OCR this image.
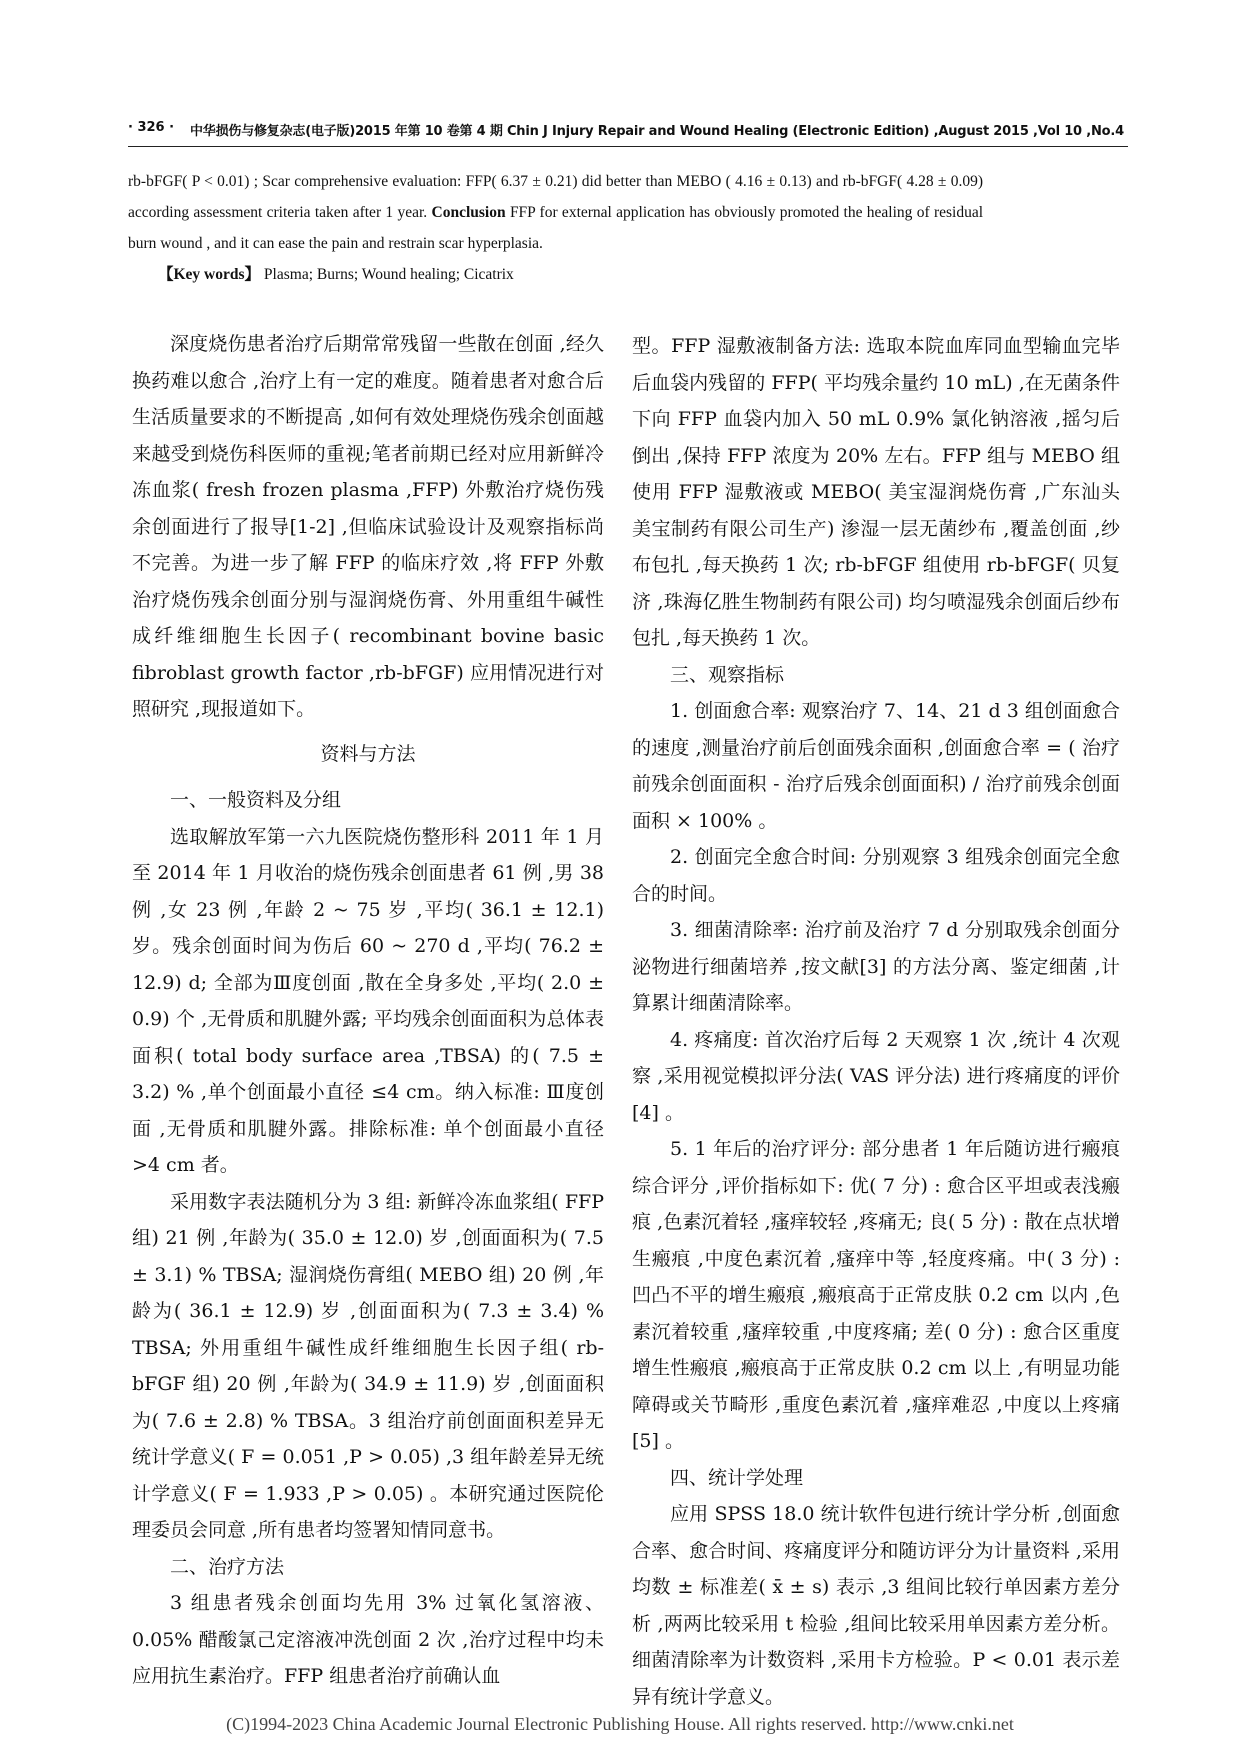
· 326 · 中华损伤与修复杂志(电子版)2015 年第 10 卷第 4 期 Chin J Injury Repair and Wound Healing (Electronic Edition) ,August 2015 ,Vol 10 ,No.4

rb-bFGF( P < 0.01) ; Scar comprehensive evaluation: FFP( 6.37 ± 0.21) did better than MEBO ( 4.16 ± 0.13) and rb-bFGF( 4.28 ± 0.09) according assessment criteria taken after 1 year. Conclusion FFP for external application has obviously promoted the healing of residual burn wound , and it can ease the pain and restrain scar hyperplasia.

【Key words】 Plasma; Burns; Wound healing; Cicatrix

深度烧伤患者治疗后期常常残留一些散在创面 ,经久换药难以愈合 ,治疗上有一定的难度。随着患者对愈合后生活质量要求的不断提高 ,如何有效处理烧伤残余创面越来越受到烧伤科医师的重视;笔者前期已经对应用新鲜冷冻血浆( fresh frozen plasma ,FFP) 外敷治疗烧伤残余创面进行了报导[1-2] ,但临床试验设计及观察指标尚不完善。为进一步了解 FFP 的临床疗效 ,将 FFP 外敷治疗烧伤残余创面分别与湿润烧伤膏、外用重组牛碱性成纤维细胞生长因子( recombinant bovine basic fibroblast growth factor ,rb-bFGF) 应用情况进行对照研究 ,现报道如下。

资料与方法
一、一般资料及分组

选取解放军第一六九医院烧伤整形科 2011 年 1 月至 2014 年 1 月收治的烧伤残余创面患者 61 例 ,男 38 例 ,女 23 例 ,年龄 2 ~ 75 岁 ,平均( 36.1 ± 12.1) 岁。残余创面时间为伤后 60 ~ 270 d ,平均( 76.2 ± 12.9) d; 全部为Ⅲ度创面 ,散在全身多处 ,平均( 2.0 ± 0.9) 个 ,无骨质和肌腱外露; 平均残余创面面积为总体表面积( total body surface area ,TBSA) 的( 7.5 ± 3.2) % ,单个创面最小直径 ≤4 cm。纳入标准: Ⅲ度创面 ,无骨质和肌腱外露。排除标准: 单个创面最小直径 >4 cm 者。

采用数字表法随机分为 3 组: 新鲜冷冻血浆组( FFP 组) 21 例 ,年龄为( 35.0 ± 12.0) 岁 ,创面面积为( 7.5 ± 3.1) % TBSA; 湿润烧伤膏组( MEBO 组) 20 例 ,年龄为( 36.1 ± 12.9) 岁 ,创面面积为( 7.3 ± 3.4) % TBSA; 外用重组牛碱性成纤维细胞生长因子组( rb-bFGF 组) 20 例 ,年龄为( 34.9 ± 11.9) 岁 ,创面面积为( 7.6 ± 2.8) % TBSA。3 组治疗前创面面积差异无统计学意义( F = 0.051 ,P > 0.05) ,3 组年龄差异无统计学意义( F = 1.933 ,P > 0.05) 。本研究通过医院伦理委员会同意 ,所有患者均签署知情同意书。

二、治疗方法

3 组患者残余创面均先用 3% 过氧化氢溶液、0.05% 醋酸氯己定溶液冲洗创面 2 次 ,治疗过程中均未应用抗生素治疗。FFP 组患者治疗前确认血

型。FFP 湿敷液制备方法: 选取本院血库同血型输血完毕后血袋内残留的 FFP( 平均残余量约 10 mL) ,在无菌条件下向 FFP 血袋内加入 50 mL 0.9% 氯化钠溶液 ,摇匀后倒出 ,保持 FFP 浓度为 20% 左右。FFP 组与 MEBO 组使用 FFP 湿敷液或 MEBO( 美宝湿润烧伤膏 ,广东汕头美宝制药有限公司生产) 渗湿一层无菌纱布 ,覆盖创面 ,纱布包扎 ,每天换药 1 次; rb-bFGF 组使用 rb-bFGF( 贝复济 ,珠海亿胜生物制药有限公司) 均匀喷湿残余创面后纱布包扎 ,每天换药 1 次。

三、观察指标

1. 创面愈合率: 观察治疗 7、14、21 d 3 组创面愈合的速度 ,测量治疗前后创面残余面积 ,创面愈合率 = ( 治疗前残余创面面积 - 治疗后残余创面面积) / 治疗前残余创面面积 × 100% 。

2. 创面完全愈合时间: 分别观察 3 组残余创面完全愈合的时间。

3. 细菌清除率: 治疗前及治疗 7 d 分别取残余创面分泌物进行细菌培养 ,按文献[3] 的方法分离、鉴定细菌 ,计算累计细菌清除率。

4. 疼痛度: 首次治疗后每 2 天观察 1 次 ,统计 4 次观察 ,采用视觉模拟评分法( VAS 评分法) 进行疼痛度的评价[4] 。

5. 1 年后的治疗评分: 部分患者 1 年后随访进行瘢痕综合评分 ,评价指标如下: 优( 7 分) : 愈合区平坦或表浅瘢痕 ,色素沉着轻 ,瘙痒较轻 ,疼痛无; 良( 5 分) : 散在点状增生瘢痕 ,中度色素沉着 ,瘙痒中等 ,轻度疼痛。中( 3 分) : 凹凸不平的增生瘢痕 ,瘢痕高于正常皮肤 0.2 cm 以内 ,色素沉着较重 ,瘙痒较重 ,中度疼痛; 差( 0 分) : 愈合区重度增生性瘢痕 ,瘢痕高于正常皮肤 0.2 cm 以上 ,有明显功能障碍或关节畸形 ,重度色素沉着 ,瘙痒难忍 ,中度以上疼痛[5] 。

四、统计学处理

应用 SPSS 18.0 统计软件包进行统计学分析 ,创面愈合率、愈合时间、疼痛度评分和随访评分为计量资料 ,采用均数 ± 标准差( x̄ ± s) 表示 ,3 组间比较行单因素方差分析 ,两两比较采用 t 检验 ,组间比较采用单因素方差分析。细菌清除率为计数资料 ,采用卡方检验。P < 0.01 表示差异有统计学意义。

(C)1994-2023 China Academic Journal Electronic Publishing House. All rights reserved. http://www.cnki.net
